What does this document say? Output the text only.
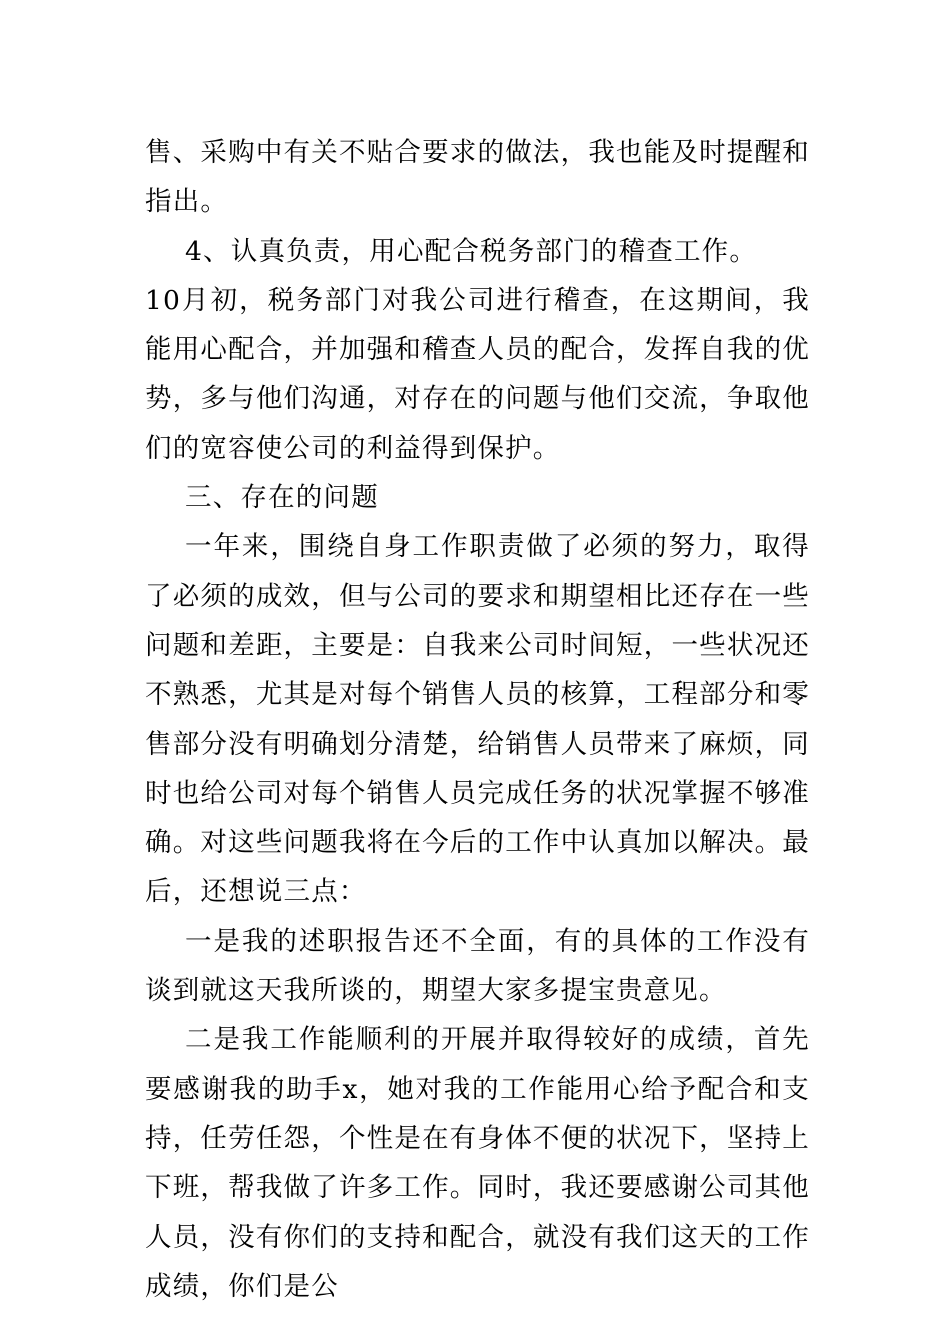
售、采购中有关不贴合要求的做法，我也能及时提醒和指出。

4、认真负责，用心配合税务部门的稽查工作。

10月初，税务部门对我公司进行稽查，在这期间，我能用心配合，并加强和稽查人员的配合，发挥自我的优势，多与他们沟通，对存在的问题与他们交流，争取他们的宽容使公司的利益得到保护。

三、存在的问题

一年来，围绕自身工作职责做了必须的努力，取得了必须的成效，但与公司的要求和期望相比还存在一些问题和差距，主要是：自我来公司时间短，一些状况还不熟悉，尤其是对每个销售人员的核算，工程部分和零售部分没有明确划分清楚，给销售人员带来了麻烦，同时也给公司对每个销售人员完成任务的状况掌握不够准确。对这些问题我将在今后的工作中认真加以解决。最后，还想说三点：

一是我的述职报告还不全面，有的具体的工作没有谈到就这天我所谈的，期望大家多提宝贵意见。

二是我工作能顺利的开展并取得较好的成绩，首先要感谢我的助手x，她对我的工作能用心给予配合和支持，任劳任怨，个性是在有身体不便的状况下，坚持上下班，帮我做了许多工作。同时，我还要感谢公司其他人员，没有你们的支持和配合，就没有我们这天的工作成绩，你们是公
